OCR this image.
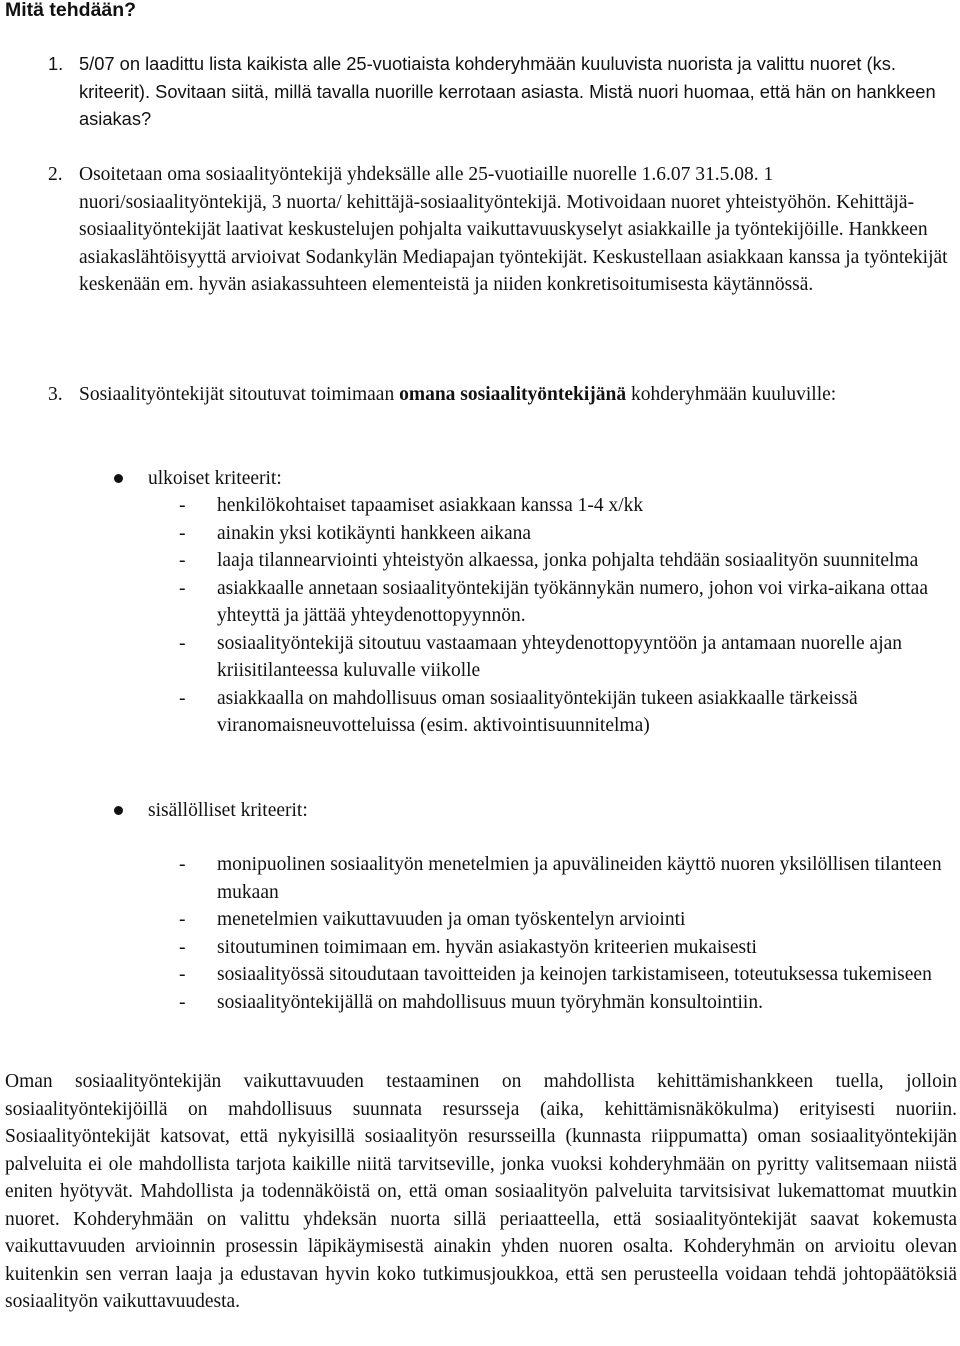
Mitä tehdään?
1. 5/07 on laadittu lista kaikista alle 25-vuotiaista kohderyhmään kuuluvista nuorista ja valittu nuoret (ks. kriteerit). Sovitaan siitä, millä tavalla nuorille kerrotaan asiasta. Mistä nuori huomaa, että hän on hankkeen asiakas?

2. Osoitetaan oma sosiaalityöntekijä yhdeksälle alle 25-vuotiaille nuorelle 1.6.07 31.5.08. 1 nuori/sosiaalityöntekijä, 3 nuorta/ kehittäjä-sosiaalityöntekijä. Motivoidaan nuoret yhteistyöhön. Kehittäjä-sosiaalityöntekijät laativat keskustelujen pohjalta vaikuttavuuskyselyt asiakkaille ja työntekijöille. Hankkeen asiakaslähtöisyyttä arvioivat Sodankylän Mediapajan työntekijät. Keskustellaan asiakkaan kanssa ja työntekijät keskenään em. hyvän asiakassuhteen elementeistä ja niiden konkretisoitumisesta käytännössä.

3. Sosiaalityöntekijät sitoutuvat toimimaan omana sosiaalityöntekijänä kohderyhmään kuuluville:

ulkoiset kriteerit:
- henkilökohtaiset tapaamiset asiakkaan kanssa 1-4 x/kk
- ainakin yksi kotikäynti hankkeen aikana
- laaja tilannearviointi yhteistyön alkaessa, jonka pohjalta tehdään sosiaalityön suunnitelma
- asiakkaalle annetaan sosiaalityöntekijän työkännykän numero, johon voi virka-aikana ottaa yhteyttä ja jättää yhteydenottopyynnön.
- sosiaalityöntekijä sitoutuu vastaamaan yhteydenottopyyntöön ja antamaan nuorelle ajan kriisitilanteessa kuluvalle viikolle
- asiakkaalla on mahdollisuus oman sosiaalityöntekijän tukeen asiakkaalle tärkeissä viranomaisneuvotteluissa (esim. aktivointisuunnitelma)
sisällölliset kriteerit:
- monipuolinen sosiaalityön menetelmien ja apuvälineiden käyttö nuoren yksilöllisen tilanteen mukaan
- menetelmien vaikuttavuuden ja oman työskentelyn arviointi
- sitoutuminen toimimaan em. hyvän asiakastyön kriteerien mukaisesti
- sosiaalityössä sitoudutaan tavoitteiden ja keinojen tarkistamiseen, toteutuksessa tukemiseen
- sosiaalityöntekijällä on mahdollisuus muun työryhmän konsultointiin.

Oman sosiaalityöntekijän vaikuttavuuden testaaminen on mahdollista kehittämishankkeen tuella, jolloin sosiaalityöntekijöillä on mahdollisuus suunnata resursseja (aika, kehittämisnäkökulma) erityisesti nuoriin. Sosiaalityöntekijät katsovat, että nykyisillä sosiaalityön resursseilla (kunnasta riippumatta) oman sosiaalityöntekijän palveluita ei ole mahdollista tarjota kaikille niitä tarvitseville, jonka vuoksi kohderyhmään on pyritty valitsemaan niistä eniten hyötyvät. Mahdollista ja todennäköistä on, että oman sosiaalityön palveluita tarvitsisivat lukemattomat muutkin nuoret. Kohderyhmään on valittu yhdeksän nuorta sillä periaatteella, että sosiaalityöntekijät saavat kokemusta vaikuttavuuden arvioinnin prosessin läpikäymisestä ainakin yhden nuoren osalta. Kohderyhmän on arvioitu olevan kuitenkin sen verran laaja ja edustavan hyvin koko tutkimusjoukkoa, että sen perusteella voidaan tehdä johtopäätöksiä sosiaalityön vaikuttavuudesta.
